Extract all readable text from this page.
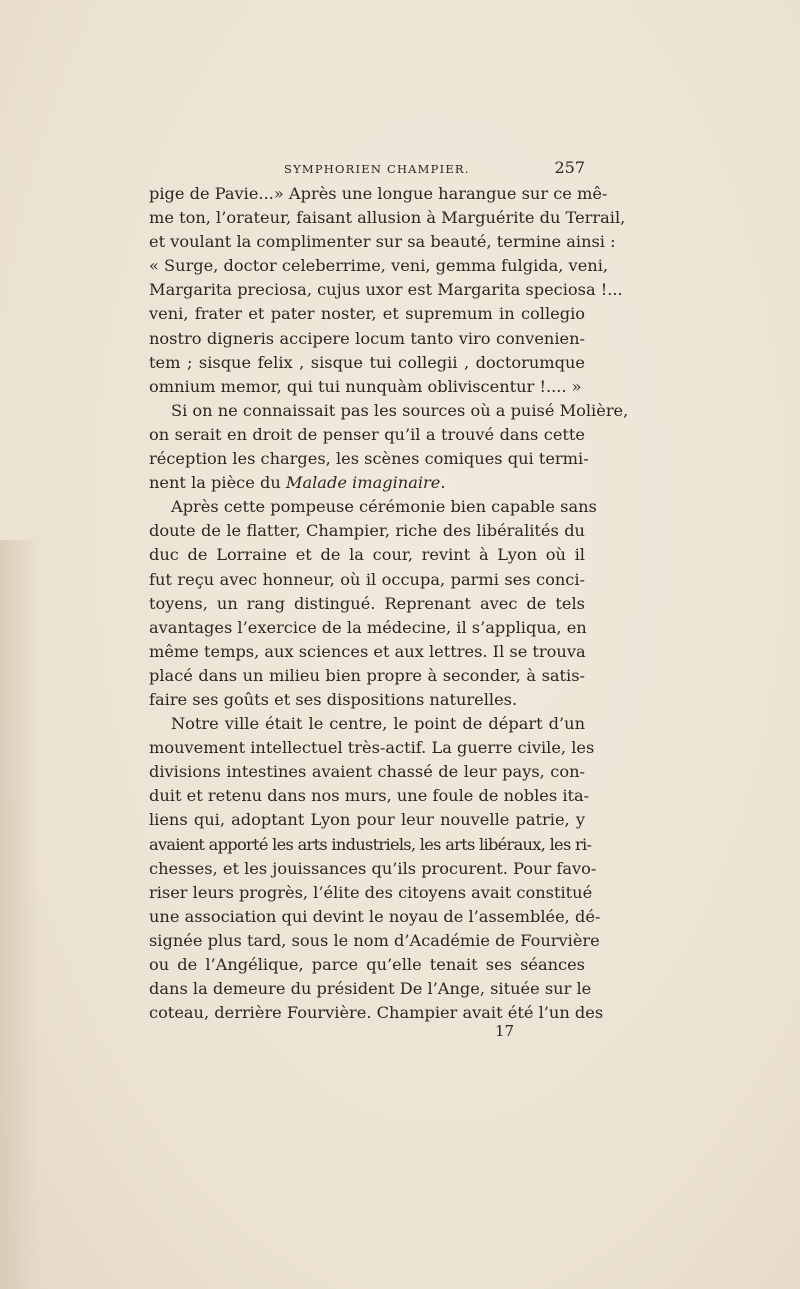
SYMPHORIEN CHAMPIER.	257
pige de Pavie...» Après une longue harangue sur ce mê-
me ton, l’orateur, faisant allusion à Marguérite du Terrail,
et voulant la complimenter sur sa beauté, termine ainsi :
« Surge, doctor celeberrime, veni, gemma fulgida, veni,
Margarita preciosa, cujus uxor est Margarita speciosa !...
veni, frater et pater noster, et supremum in collegio
nostro digneris accipere locum tanto viro convenien-
tem ; sisque felix , sisque tui collegii , doctorumque
omnium memor, qui tui nunquàm obliviscentur !.... »
Si on ne connaissait pas les sources où a puisé Molière,
on serait en droit de penser qu’il a trouvé dans cette
réception les charges, les scènes comiques qui termi-
nent la pièce du Malade imaginaire.
Après cette pompeuse cérémonie bien capable sans
doute de le flatter, Champier, riche des libéralités du
duc de Lorraine et de la cour, revint à Lyon où il
fut reçu avec honneur, où il occupa, parmi ses conci-
toyens, un rang distingué. Reprenant avec de tels
avantages l’exercice de la médecine, il s’appliqua, en
même temps, aux sciences et aux lettres. Il se trouva
placé dans un milieu bien propre à seconder, à satis-
faire ses goûts et ses dispositions naturelles.
Notre ville était le centre, le point de départ d’un
mouvement intellectuel très-actif. La guerre civile, les
divisions intestines avaient chassé de leur pays, con-
duit et retenu dans nos murs, une foule de nobles ita-
liens qui, adoptant Lyon pour leur nouvelle patrie, y
avaient apporté les arts industriels, les arts libéraux, les ri-
chesses, et les jouissances qu’ils procurent. Pour favo-
riser leurs progrès, l’élite des citoyens avait constitué
une association qui devint le noyau de l’assemblée, dé-
signée plus tard, sous le nom d’Académie de Fourvière
ou de l’Angélique, parce qu’elle tenait ses séances
dans la demeure du président De l’Ange, située sur le
coteau, derrière Fourvière. Champier avait été l’un des
17
